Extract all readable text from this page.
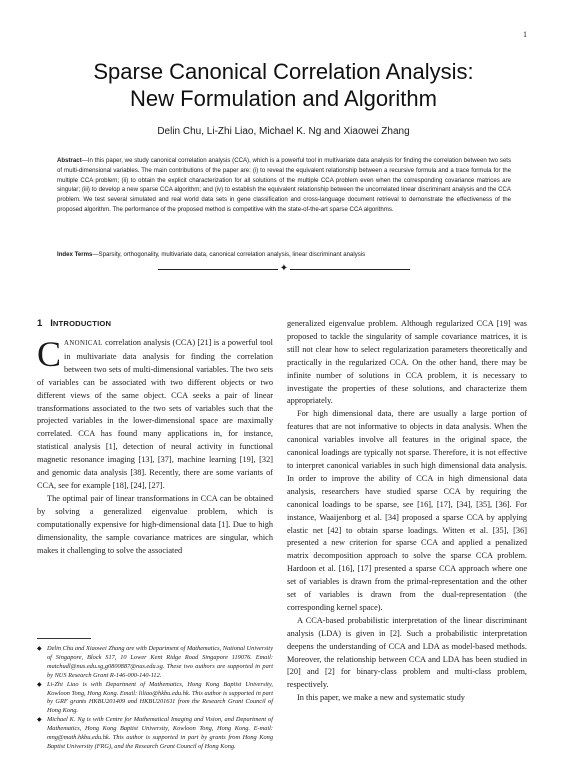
1
Sparse Canonical Correlation Analysis:
New Formulation and Algorithm
Delin Chu, Li-Zhi Liao, Michael K. Ng and Xiaowei Zhang
Abstract—In this paper, we study canonical correlation analysis (CCA), which is a powerful tool in multivariate data analysis for finding the correlation between two sets of multi-dimensional variables. The main contributions of the paper are: (i) to reveal the equivalent relationship between a recursive formula and a trace formula for the multiple CCA problem; (ii) to obtain the explicit characterization for all solutions of the multiple CCA problem even when the corresponding covariance matrices are singular; (iii) to develop a new sparse CCA algorithm; and (iv) to establish the equivalent relationship between the uncorrelated linear discriminant analysis and the CCA problem. We test several simulated and real world data sets in gene classification and cross-language document retrieval to demonstrate the effectiveness of the proposed algorithm. The performance of the proposed method is competitive with the state-of-the-art sparse CCA algorithms.
Index Terms—Sparsity, orthogonality, multivariate data, canonical correlation analysis, linear discriminant analysis
✦
1 INTRODUCTION

CANONICAL correlation analysis (CCA) [21] is a powerful tool in multivariate data analysis for finding the correlation between two sets of multi-dimensional variables. The two sets of variables can be associated with two different objects or two different views of the same object. CCA seeks a pair of linear transformations associated to the two sets of variables such that the projected variables in the lower-dimensional space are maximally correlated. CCA has found many applications in, for instance, statistical analysis [1], detection of neural activity in functional magnetic resonance imaging [13], [37], machine learning [19], [32] and genomic data analysis [38]. Recently, there are some variants of CCA, see for example [18], [24], [27].

The optimal pair of linear transformations in CCA can be obtained by solving a generalized eigenvalue problem, which is computationally expensive for high-dimensional data [1]. Due to high dimensionality, the sample covariance matrices are singular, which makes it challenging to solve the associated

◆ Delin Chu and Xiaowei Zhang are with Department of Mathematics, National University of Singapore, Block S17, 10 Lower Kent Ridge Road Singapore 119076. Email: matchudl@nus.edu.sg,g0800887@nus.edu.sg. These two authors are supported in part by NUS Research Grant R-146-000-140-112.
◆ Li-Zhi Liao is with Department of Mathematics, Hong Kong Baptist University, Kowloon Tong, Hong Kong. Email: liliao@hkbu.edu.hk. This author is supported in part by GRF grants HKBU201409 and HKBU201611 from the Research Grant Council of Hong Kong.
◆ Michael K. Ng is with Centre for Mathematical Imaging and Vision, and Department of Mathematics, Hong Kong Baptist University, Kowloon Tong, Hong Kong. E-mail: mng@math.hkbu.edu.hk. This author is supported in part by grants from Hong Kong Baptist University (FRG), and the Research Grant Council of Hong Kong.

generalized eigenvalue problem. Although regularized CCA [19] was proposed to tackle the singularity of sample covariance matrices, it is still not clear how to select regularization parameters theoretically and practically in the regularized CCA. On the other hand, there may be infinite number of solutions in CCA problem, it is necessary to investigate the properties of these solutions, and characterize them appropriately.

For high dimensional data, there are usually a large portion of features that are not informative to objects in data analysis. When the canonical variables involve all features in the original space, the canonical loadings are typically not sparse. Therefore, it is not effective to interpret canonical variables in such high dimensional data analysis. In order to improve the ability of CCA in high dimensional data analysis, researchers have studied sparse CCA by requiring the canonical loadings to be sparse, see [16], [17], [34], [35], [36]. For instance, Waaijenborg et al. [34] proposed a sparse CCA by applying elastic net [42] to obtain sparse loadings. Witten et al. [35], [36] presented a new criterion for sparse CCA and applied a penalized matrix decomposition approach to solve the sparse CCA problem. Hardoon et al. [16], [17] presented a sparse CCA approach where one set of variables is drawn from the primal-representation and the other set of variables is drawn from the dual-representation (the corresponding kernel space).

A CCA-based probabilistic interpretation of the linear discriminant analysis (LDA) is given in [2]. Such a probabilistic interpretation deepens the understanding of CCA and LDA as model-based methods. Moreover, the relationship between CCA and LDA has been studied in [20] and [2] for binary-class problem and multi-class problem, respectively.

In this paper, we make a new and systematic study
